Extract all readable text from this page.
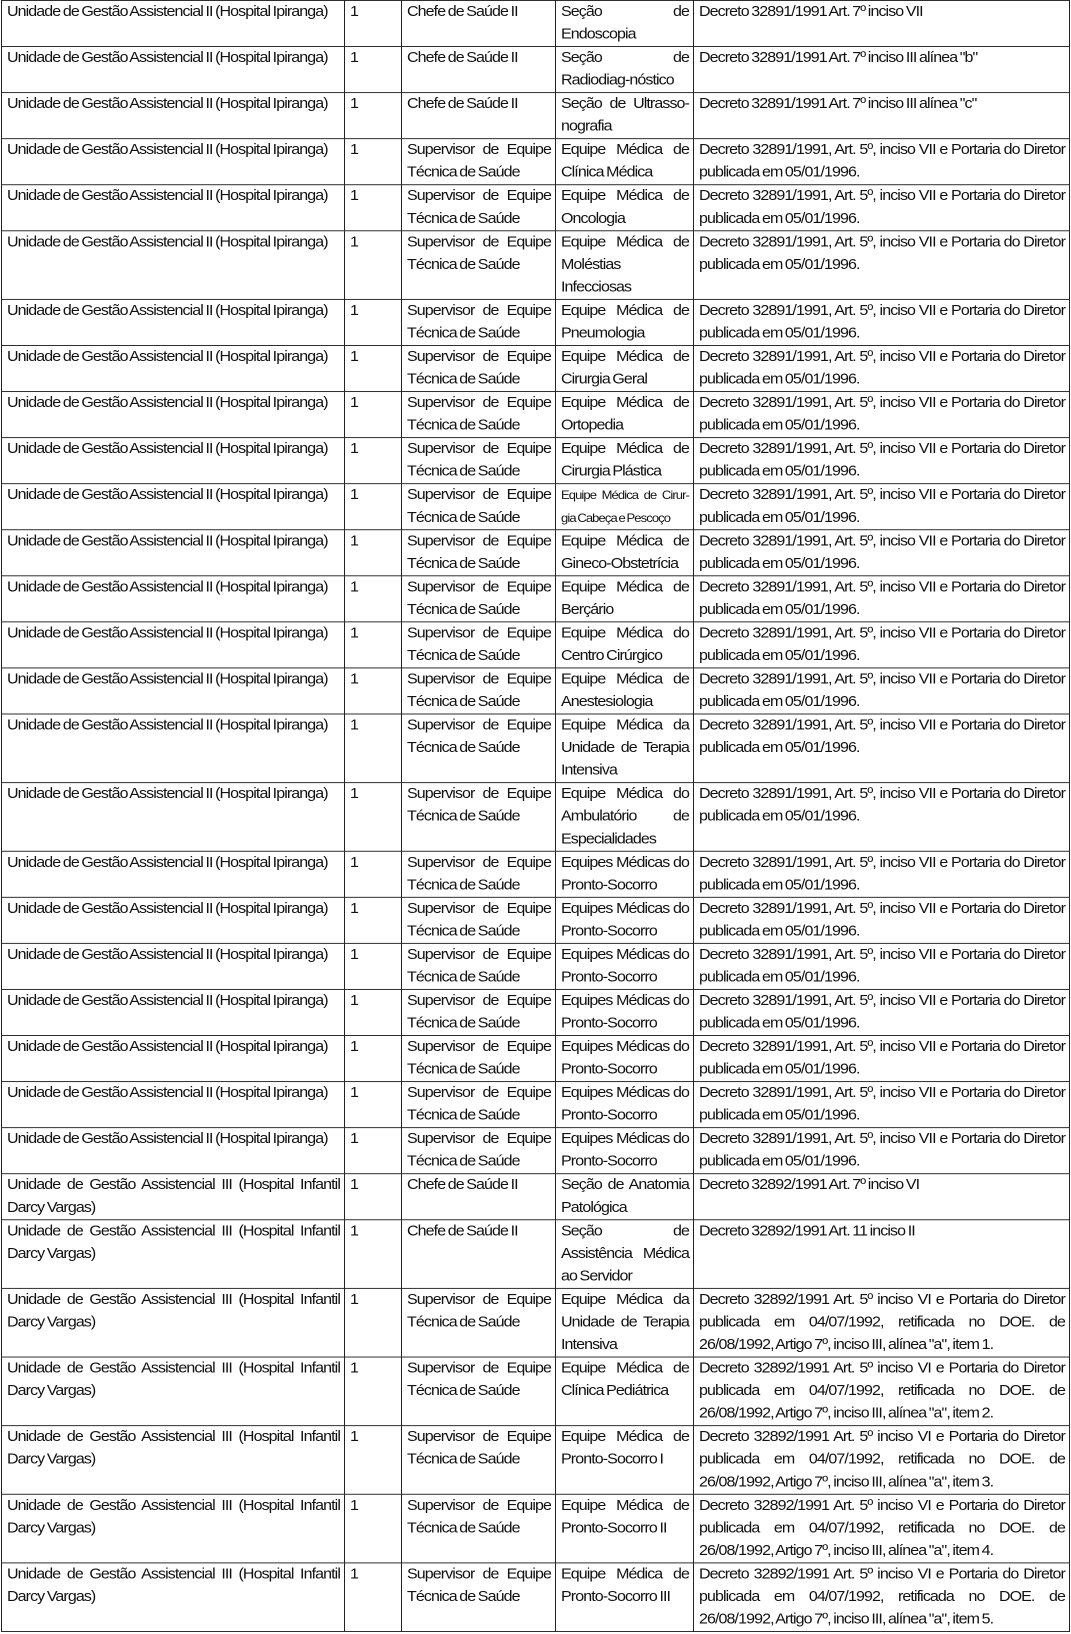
Unidade de Gestão Assistencial II (Hospital Ipiranga)	1	Chefe de Saúde II	Seção de Endoscopia	Decreto 32891/1991 Art. 7º inciso VII
Unidade de Gestão Assistencial II (Hospital Ipiranga)	1	Chefe de Saúde II	Seção de Radiodiag-nóstico	Decreto 32891/1991 Art. 7º inciso III alínea "b"
Unidade de Gestão Assistencial II (Hospital Ipiranga)	1	Chefe de Saúde II	Seção de Ultrasso-nografia	Decreto 32891/1991 Art. 7º inciso III alínea "c"
Unidade de Gestão Assistencial II (Hospital Ipiranga)	1	Supervisor de Equipe Técnica de Saúde	Equipe Médica de Clínica Médica	Decreto 32891/1991, Art. 5º, inciso VII e Portaria do Diretor publicada em 05/01/1996.
Unidade de Gestão Assistencial II (Hospital Ipiranga)	1	Supervisor de Equipe Técnica de Saúde	Equipe Médica de Oncologia	Decreto 32891/1991, Art. 5º, inciso VII e Portaria do Diretor publicada em 05/01/1996.
Unidade de Gestão Assistencial II (Hospital Ipiranga)	1	Supervisor de Equipe Técnica de Saúde	Equipe Médica de Moléstias Infecciosas	Decreto 32891/1991, Art. 5º, inciso VII e Portaria do Diretor publicada em 05/01/1996.
Unidade de Gestão Assistencial II (Hospital Ipiranga)	1	Supervisor de Equipe Técnica de Saúde	Equipe Médica de Pneumologia	Decreto 32891/1991, Art. 5º, inciso VII e Portaria do Diretor publicada em 05/01/1996.
Unidade de Gestão Assistencial II (Hospital Ipiranga)	1	Supervisor de Equipe Técnica de Saúde	Equipe Médica de Cirurgia Geral	Decreto 32891/1991, Art. 5º, inciso VII e Portaria do Diretor publicada em 05/01/1996.
Unidade de Gestão Assistencial II (Hospital Ipiranga)	1	Supervisor de Equipe Técnica de Saúde	Equipe Médica de Ortopedia	Decreto 32891/1991, Art. 5º, inciso VII e Portaria do Diretor publicada em 05/01/1996.
Unidade de Gestão Assistencial II (Hospital Ipiranga)	1	Supervisor de Equipe Técnica de Saúde	Equipe Médica de Cirurgia Plástica	Decreto 32891/1991, Art. 5º, inciso VII e Portaria do Diretor publicada em 05/01/1996.
Unidade de Gestão Assistencial II (Hospital Ipiranga)	1	Supervisor de Equipe Técnica de Saúde	Equipe Médica de Cirur-gia Cabeça e Pescoço	Decreto 32891/1991, Art. 5º, inciso VII e Portaria do Diretor publicada em 05/01/1996.
Unidade de Gestão Assistencial II (Hospital Ipiranga)	1	Supervisor de Equipe Técnica de Saúde	Equipe Médica de Gineco-Obstetrícia	Decreto 32891/1991, Art. 5º, inciso VII e Portaria do Diretor publicada em 05/01/1996.
Unidade de Gestão Assistencial II (Hospital Ipiranga)	1	Supervisor de Equipe Técnica de Saúde	Equipe Médica de Berçário	Decreto 32891/1991, Art. 5º, inciso VII e Portaria do Diretor publicada em 05/01/1996.
Unidade de Gestão Assistencial II (Hospital Ipiranga)	1	Supervisor de Equipe Técnica de Saúde	Equipe Médica do Centro Cirúrgico	Decreto 32891/1991, Art. 5º, inciso VII e Portaria do Diretor publicada em 05/01/1996.
Unidade de Gestão Assistencial II (Hospital Ipiranga)	1	Supervisor de Equipe Técnica de Saúde	Equipe Médica de Anestesiologia	Decreto 32891/1991, Art. 5º, inciso VII e Portaria do Diretor publicada em 05/01/1996.
Unidade de Gestão Assistencial II (Hospital Ipiranga)	1	Supervisor de Equipe Técnica de Saúde	Equipe Médica da Unidade de Terapia Intensiva	Decreto 32891/1991, Art. 5º, inciso VII e Portaria do Diretor publicada em 05/01/1996.
Unidade de Gestão Assistencial II (Hospital Ipiranga)	1	Supervisor de Equipe Técnica de Saúde	Equipe Médica do Ambulatório de Especialidades	Decreto 32891/1991, Art. 5º, inciso VII e Portaria do Diretor publicada em 05/01/1996.
Unidade de Gestão Assistencial II (Hospital Ipiranga)	1	Supervisor de Equipe Técnica de Saúde	Equipes Médicas do Pronto-Socorro	Decreto 32891/1991, Art. 5º, inciso VII e Portaria do Diretor publicada em 05/01/1996.
Unidade de Gestão Assistencial II (Hospital Ipiranga)	1	Supervisor de Equipe Técnica de Saúde	Equipes Médicas do Pronto-Socorro	Decreto 32891/1991, Art. 5º, inciso VII e Portaria do Diretor publicada em 05/01/1996.
Unidade de Gestão Assistencial II (Hospital Ipiranga)	1	Supervisor de Equipe Técnica de Saúde	Equipes Médicas do Pronto-Socorro	Decreto 32891/1991, Art. 5º, inciso VII e Portaria do Diretor publicada em 05/01/1996.
Unidade de Gestão Assistencial II (Hospital Ipiranga)	1	Supervisor de Equipe Técnica de Saúde	Equipes Médicas do Pronto-Socorro	Decreto 32891/1991, Art. 5º, inciso VII e Portaria do Diretor publicada em 05/01/1996.
Unidade de Gestão Assistencial II (Hospital Ipiranga)	1	Supervisor de Equipe Técnica de Saúde	Equipes Médicas do Pronto-Socorro	Decreto 32891/1991, Art. 5º, inciso VII e Portaria do Diretor publicada em 05/01/1996.
Unidade de Gestão Assistencial II (Hospital Ipiranga)	1	Supervisor de Equipe Técnica de Saúde	Equipes Médicas do Pronto-Socorro	Decreto 32891/1991, Art. 5º, inciso VII e Portaria do Diretor publicada em 05/01/1996.
Unidade de Gestão Assistencial II (Hospital Ipiranga)	1	Supervisor de Equipe Técnica de Saúde	Equipes Médicas do Pronto-Socorro	Decreto 32891/1991, Art. 5º, inciso VII e Portaria do Diretor publicada em 05/01/1996.
Unidade de Gestão Assistencial III (Hospital Infantil Darcy Vargas)	1	Chefe de Saúde II	Seção de Anatomia Patológica	Decreto 32892/1991 Art. 7º inciso VI
Unidade de Gestão Assistencial III (Hospital Infantil Darcy Vargas)	1	Chefe de Saúde II	Seção de Assistência Médica ao Servidor	Decreto 32892/1991 Art. 11 inciso II
Unidade de Gestão Assistencial III (Hospital Infantil Darcy Vargas)	1	Supervisor de Equipe Técnica de Saúde	Equipe Médica da Unidade de Terapia Intensiva	Decreto 32892/1991 Art. 5º inciso VI e Portaria do Diretor publicada em 04/07/1992, retificada no DOE. de 26/08/1992, Artigo 7º, inciso III, alínea "a", item 1.
Unidade de Gestão Assistencial III (Hospital Infantil Darcy Vargas)	1	Supervisor de Equipe Técnica de Saúde	Equipe Médica de Clínica Pediátrica	Decreto 32892/1991 Art. 5º inciso VI e Portaria do Diretor publicada em 04/07/1992, retificada no DOE. de 26/08/1992, Artigo 7º, inciso III, alínea "a", item 2.
Unidade de Gestão Assistencial III (Hospital Infantil Darcy Vargas)	1	Supervisor de Equipe Técnica de Saúde	Equipe Médica de Pronto-Socorro I	Decreto 32892/1991 Art. 5º inciso VI e Portaria do Diretor publicada em 04/07/1992, retificada no DOE. de 26/08/1992, Artigo 7º, inciso III, alínea "a", item 3.
Unidade de Gestão Assistencial III (Hospital Infantil Darcy Vargas)	1	Supervisor de Equipe Técnica de Saúde	Equipe Médica de Pronto-Socorro II	Decreto 32892/1991 Art. 5º inciso VI e Portaria do Diretor publicada em 04/07/1992, retificada no DOE. de 26/08/1992, Artigo 7º, inciso III, alínea "a", item 4.
Unidade de Gestão Assistencial III (Hospital Infantil Darcy Vargas)	1	Supervisor de Equipe Técnica de Saúde	Equipe Médica de Pronto-Socorro III	Decreto 32892/1991 Art. 5º inciso VI e Portaria do Diretor publicada em 04/07/1992, retificada no DOE. de 26/08/1992, Artigo 7º, inciso III, alínea "a", item 5.
